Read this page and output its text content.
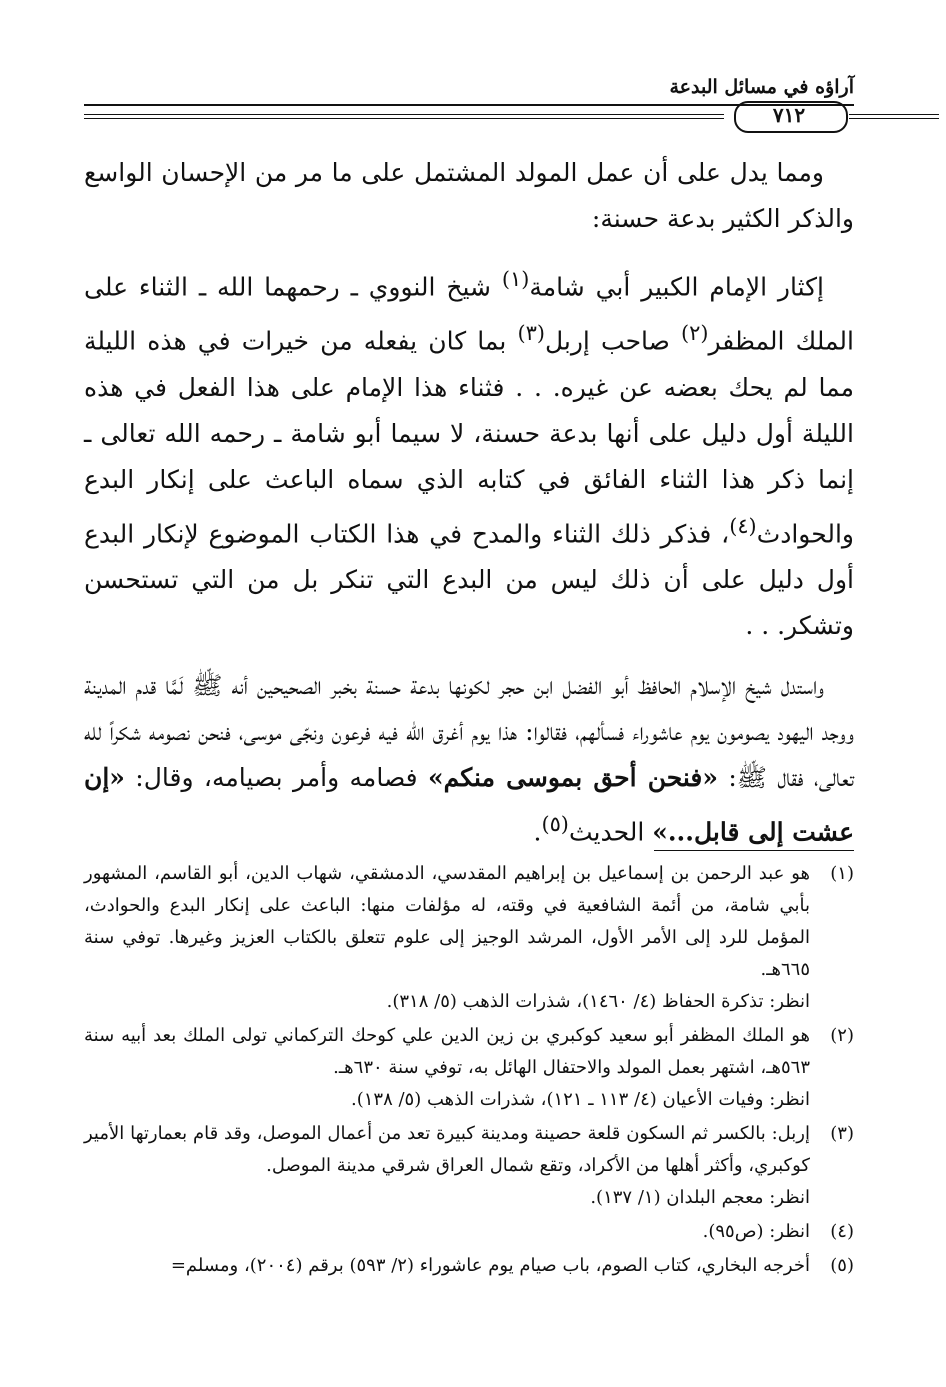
آراؤه في مسائل البدعة
٧١٢

ومما يدل على أن عمل المولد المشتمل على ما مر من الإحسان الواسع والذكر الكثير بدعة حسنة:

إكثار الإمام الكبير أبي شامة$^{(١)}$ شيخ النووي ـ رحمهما الله ـ الثناء على الملك المظفر$^{(٢)}$ صاحب إربل$^{(٣)}$ بما كان يفعله من خيرات في هذه الليلة مما لم يحك بعضه عن غيره. . . فثناء هذا الإمام على هذا الفعل في هذه الليلة أول دليل على أنها بدعة حسنة، لا سيما أبو شامة ـ رحمه الله تعالى ـ إنما ذكر هذا الثناء الفائق في كتابه الذي سماه الباعث على إنكار البدع والحوادث$^{(٤)}$، فذكر ذلك الثناء والمدح في هذا الكتاب الموضوع لإنكار البدع أول دليل على أن ذلك ليس من البدع التي تنكر بل من التي تستحسن وتشكر. . .

واستدل شيخ الإسلام الحافظ أبو الفضل ابن حجر لكونها بدعة حسنة بخبر الصحيحين أنه ﷺ لَمَّا قدم المدينة ووجد اليهود يصومون يوم عاشوراء فسألهم، فقالوا: هذا يوم أغرق الله فيه فرعون ونجّى موسى، فنحن نصومه شكراً لله تعالى، فقال ﷺ: «فنحن أحق بموسى منكم» فصامه وأمر بصيامه، وقال: «إن عشت إلى قابل...» الحديث$^{(٥)}$.

(١)
هو عبد الرحمن بن إسماعيل بن إبراهيم المقدسي، الدمشقي، شهاب الدين، أبو القاسم، المشهور بأبي شامة، من أئمة الشافعية في وقته، له مؤلفات منها: الباعث على إنكار البدع والحوادث، المؤمل للرد إلى الأمر الأول، المرشد الوجيز إلى علوم تتعلق بالكتاب العزيز وغيرها. توفي سنة ٦٦٥هـ.
انظر: تذكرة الحفاظ (٤/ ١٤٦٠)، شذرات الذهب (٥/ ٣١٨).
(٢)
هو الملك المظفر أبو سعيد كوكبري بن زين الدين علي كوحك التركماني تولى الملك بعد أبيه سنة ٥٦٣هـ، اشتهر بعمل المولد والاحتفال الهائل به، توفي سنة ٦٣٠هـ.
انظر: وفيات الأعيان (٤/ ١١٣ ـ ١٢١)، شذرات الذهب (٥/ ١٣٨).
(٣)
إربل: بالكسر ثم السكون قلعة حصينة ومدينة كبيرة تعد من أعمال الموصل، وقد قام بعمارتها الأمير كوكبري، وأكثر أهلها من الأكراد، وتقع شمال العراق شرقي مدينة الموصل.
انظر: معجم البلدان (١/ ١٣٧).
(٤)
انظر: (ص٩٥).
(٥)
أخرجه البخاري، كتاب الصوم، باب صيام يوم عاشوراء (٢/ ٥٩٣) برقم (٢٠٠٤)، ومسلم=
